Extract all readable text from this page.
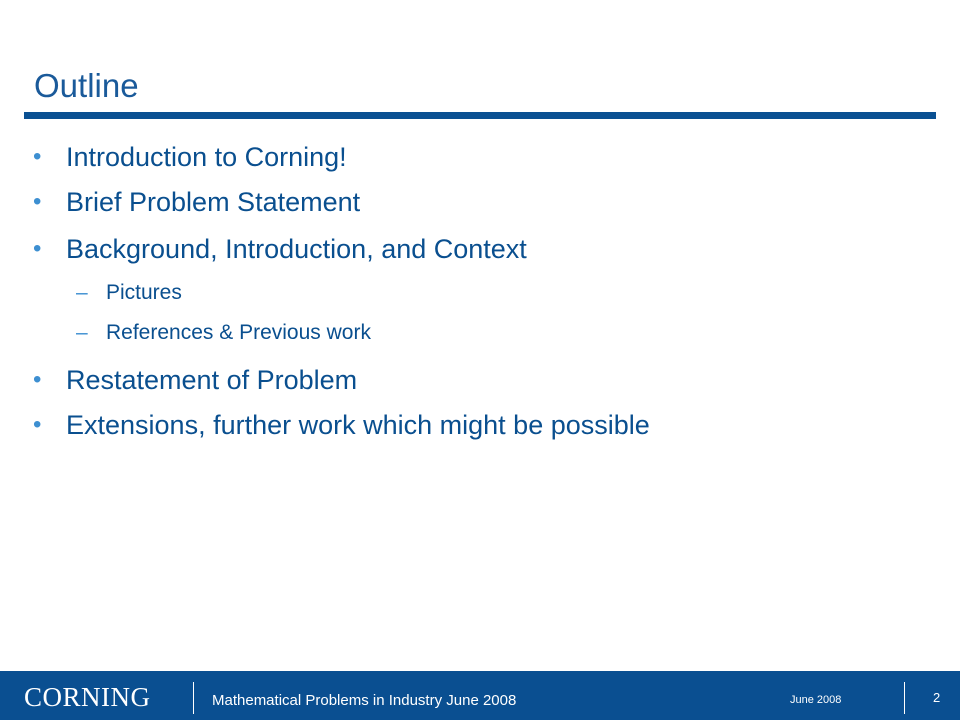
Outline
• Introduction to Corning!
• Brief Problem Statement
• Background, Introduction, and Context
– Pictures
– References & Previous work
• Restatement of Problem
• Extensions, further work which might be possible
CORNING	Mathematical Problems in Industry June 2008	June 2008	2
